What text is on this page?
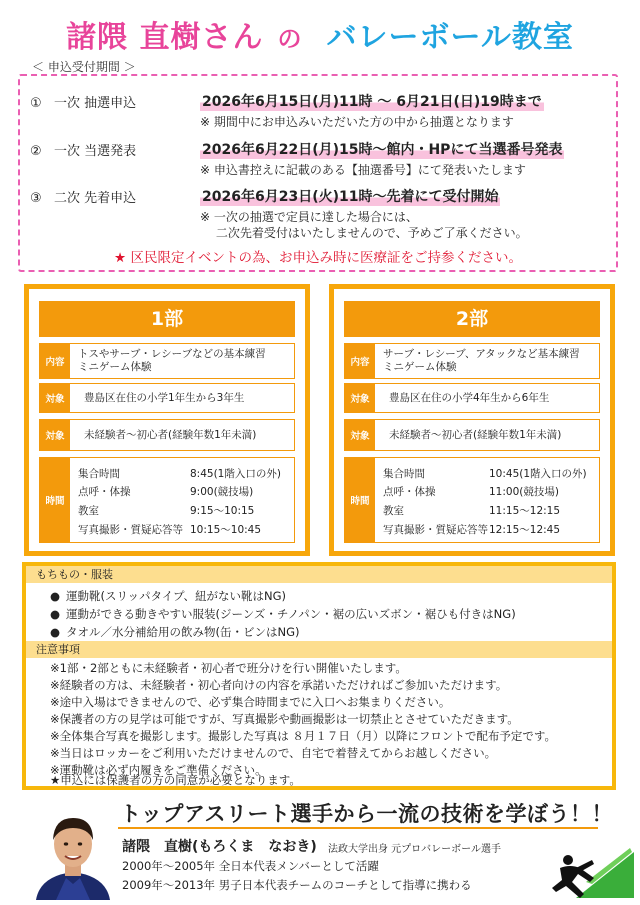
諸隈 直樹さん の バレーボール教室
＜ 申込受付期間 ＞
① 一次 抽選申込	2026年6月15日(月)11時 ～ 6月21日(日)19時まで
※ 期間中にお申込みいただいた方の中から抽選となります
② 一次 当選発表	2026年6月22日(月)15時～館内・HPにて当選番号発表
※ 申込書控えに記載のある【抽選番号】にて発表いたします
③ 二次 先着申込	2026年6月23日(火)11時～先着にて受付開始
※ 一次の抽選で定員に達した場合には、
　 二次先着受付はいたしませんので、予めご了承ください。
★ 区民限定イベントの為、お申込み時に医療証をご持参ください。
1部
内容
トスやサーブ・レシーブなどの基本練習
ミニゲーム体験
対象	豊島区在住の小学1年生から3年生
対象	未経験者～初心者(経験年数1年未満)
時間
集合時間	8:45(1階入口の外)
点呼・体操	9:00(競技場)
教室	9:15～10:15
写真撮影・質疑応答等 10:15～10:45
2部
内容
サーブ・レシーブ、アタックなど基本練習
ミニゲーム体験
対象	豊島区在住の小学4年生から6年生
対象	未経験者～初心者(経験年数1年未満)
時間
集合時間	10:45(1階入口の外)
点呼・体操	11:00(競技場)
教室	11:15～12:15
写真撮影・質疑応答等 12:15～12:45
もちもの・服装
● 運動靴(スリッパタイプ、紐がない靴はNG)
● 運動ができる動きやすい服装(ジーンズ・チノパン・裾の広いズボン・裾ひも付きはNG)
● タオル／水分補給用の飲み物(缶・ビンはNG)
注意事項
※1部・2部ともに未経験者・初心者で班分けを行い開催いたします。
※経験者の方は、未経験者・初心者向けの内容を承諾いただければご参加いただけます。
※途中入場はできませんので、必ず集合時間までに入口へお集まりください。
※保護者の方の見学は可能ですが、写真撮影や動画撮影は一切禁止とさせていただきます。
※全体集合写真を撮影します。撮影した写真は ８月１７日（月）以降にフロントで配布予定です。
※当日はロッカーをご利用いただけませんので、自宅で着替えてからお越しください。
※運動靴は必ず内履きをご準備ください。
★申込には保護者の方の同意が必要となります。
トップアスリート選手から一流の技術を学ぼう！！
諸隈　直樹(もろくま　なおき) 法政大学出身 元プロバレーボール選手
2000年～2005年 全日本代表メンバーとして活躍
2009年～2013年 男子日本代表チームのコーチとして指導に携わる
